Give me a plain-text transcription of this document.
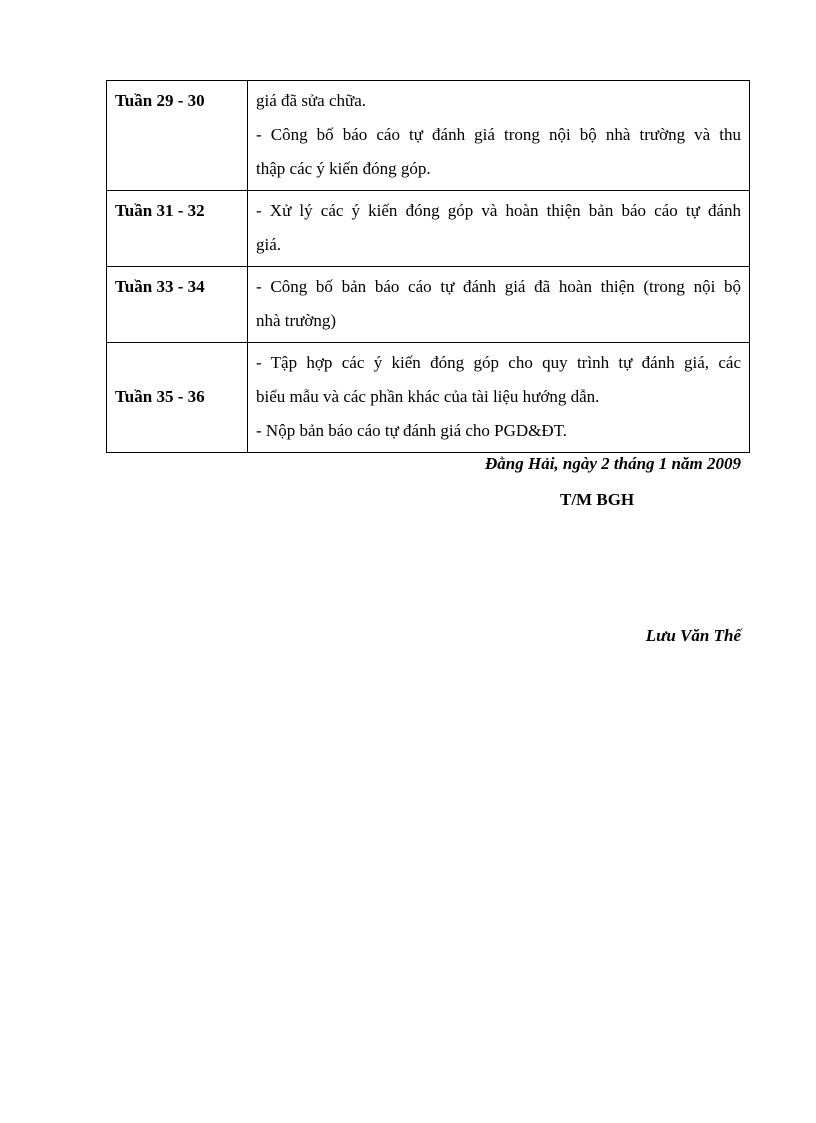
Tuần 29 - 30	giá đã sửa chữa.
- Công bố báo cáo tự đánh giá trong nội bộ nhà trường và thu
thập các ý kiến đóng góp.

Tuần 31 - 32	- Xử lý các ý kiến đóng góp và hoàn thiện bản báo cáo tự đánh
giá.

Tuần 33 - 34	- Công bố bản báo cáo tự đánh giá đã hoàn thiện (trong nội bộ
nhà trường)

Tuần 35 - 36	- Tập hợp các ý kiến đóng góp cho quy trình tự đánh giá, các
biểu mẫu và các phần khác của tài liệu hướng dẫn.
- Nộp bản báo cáo tự đánh giá cho PGD&ĐT.
Đằng Hải, ngày 2 tháng 1 năm 2009
T/M BGH
Lưu Văn Thế
